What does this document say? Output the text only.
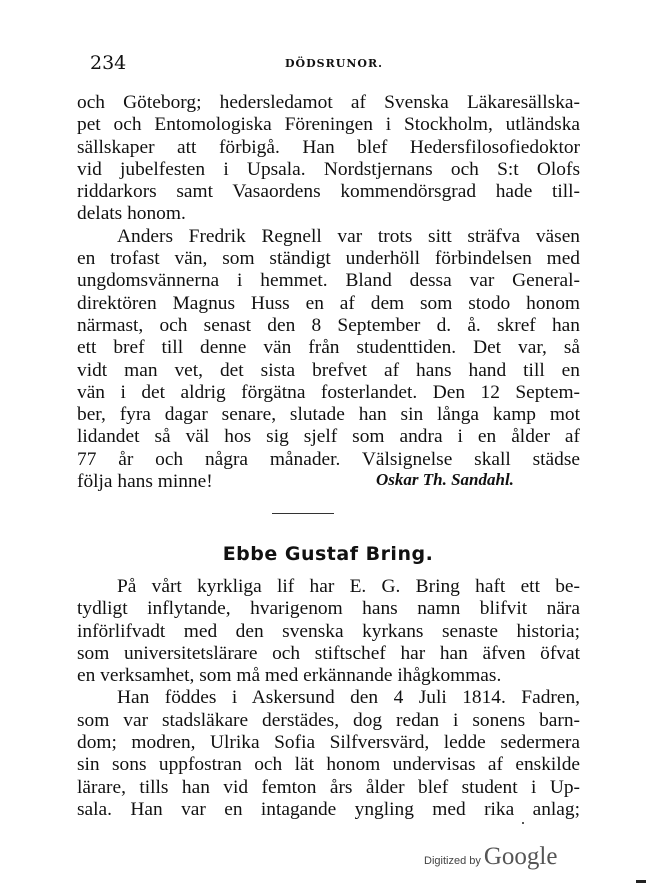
234	DÖDSRUNOR.
och Göteborg; hedersledamot af Svenska Läkaresällska-
pet och Entomologiska Föreningen i Stockholm, utländska
sällskaper att förbigå. Han blef Hedersfilosofiedoktor
vid jubelfesten i Upsala. Nordstjernans och S:t Olofs
riddarkors samt Vasaordens kommendörsgrad hade till-
delats honom.
Anders Fredrik Regnell var trots sitt sträfva väsen
en trofast vän, som ständigt underhöll förbindelsen med
ungdomsvännerna i hemmet. Bland dessa var General-
direktören Magnus Huss en af dem som stodo honom
närmast, och senast den 8 September d. å. skref han
ett bref till denne vän från studenttiden. Det var, så
vidt man vet, det sista brefvet af hans hand till en
vän i det aldrig förgätna fosterlandet. Den 12 Septem-
ber, fyra dagar senare, slutade han sin långa kamp mot
lidandet så väl hos sig sjelf som andra i en ålder af
77 år och några månader. Välsignelse skall städse
följa hans minne!	Oskar Th. Sandahl.
Ebbe Gustaf Bring.
På vårt kyrkliga lif har E. G. Bring haft ett be-
tydligt inflytande, hvarigenom hans namn blifvit nära
införlifvadt med den svenska kyrkans senaste historia;
som universitetslärare och stiftschef har han äfven öfvat
en verksamhet, som må med erkännande ihågkommas.
Han föddes i Askersund den 4 Juli 1814. Fadren,
som var stadsläkare derstädes, dog redan i sonens barn-
dom; modren, Ulrika Sofia Silfversvärd, ledde sedermera
sin sons uppfostran och lät honom undervisas af enskilde
lärare, tills han vid femton års ålder blef student i Up-
sala. Han var en intagande yngling med rika anlag;
Digitized by Google
